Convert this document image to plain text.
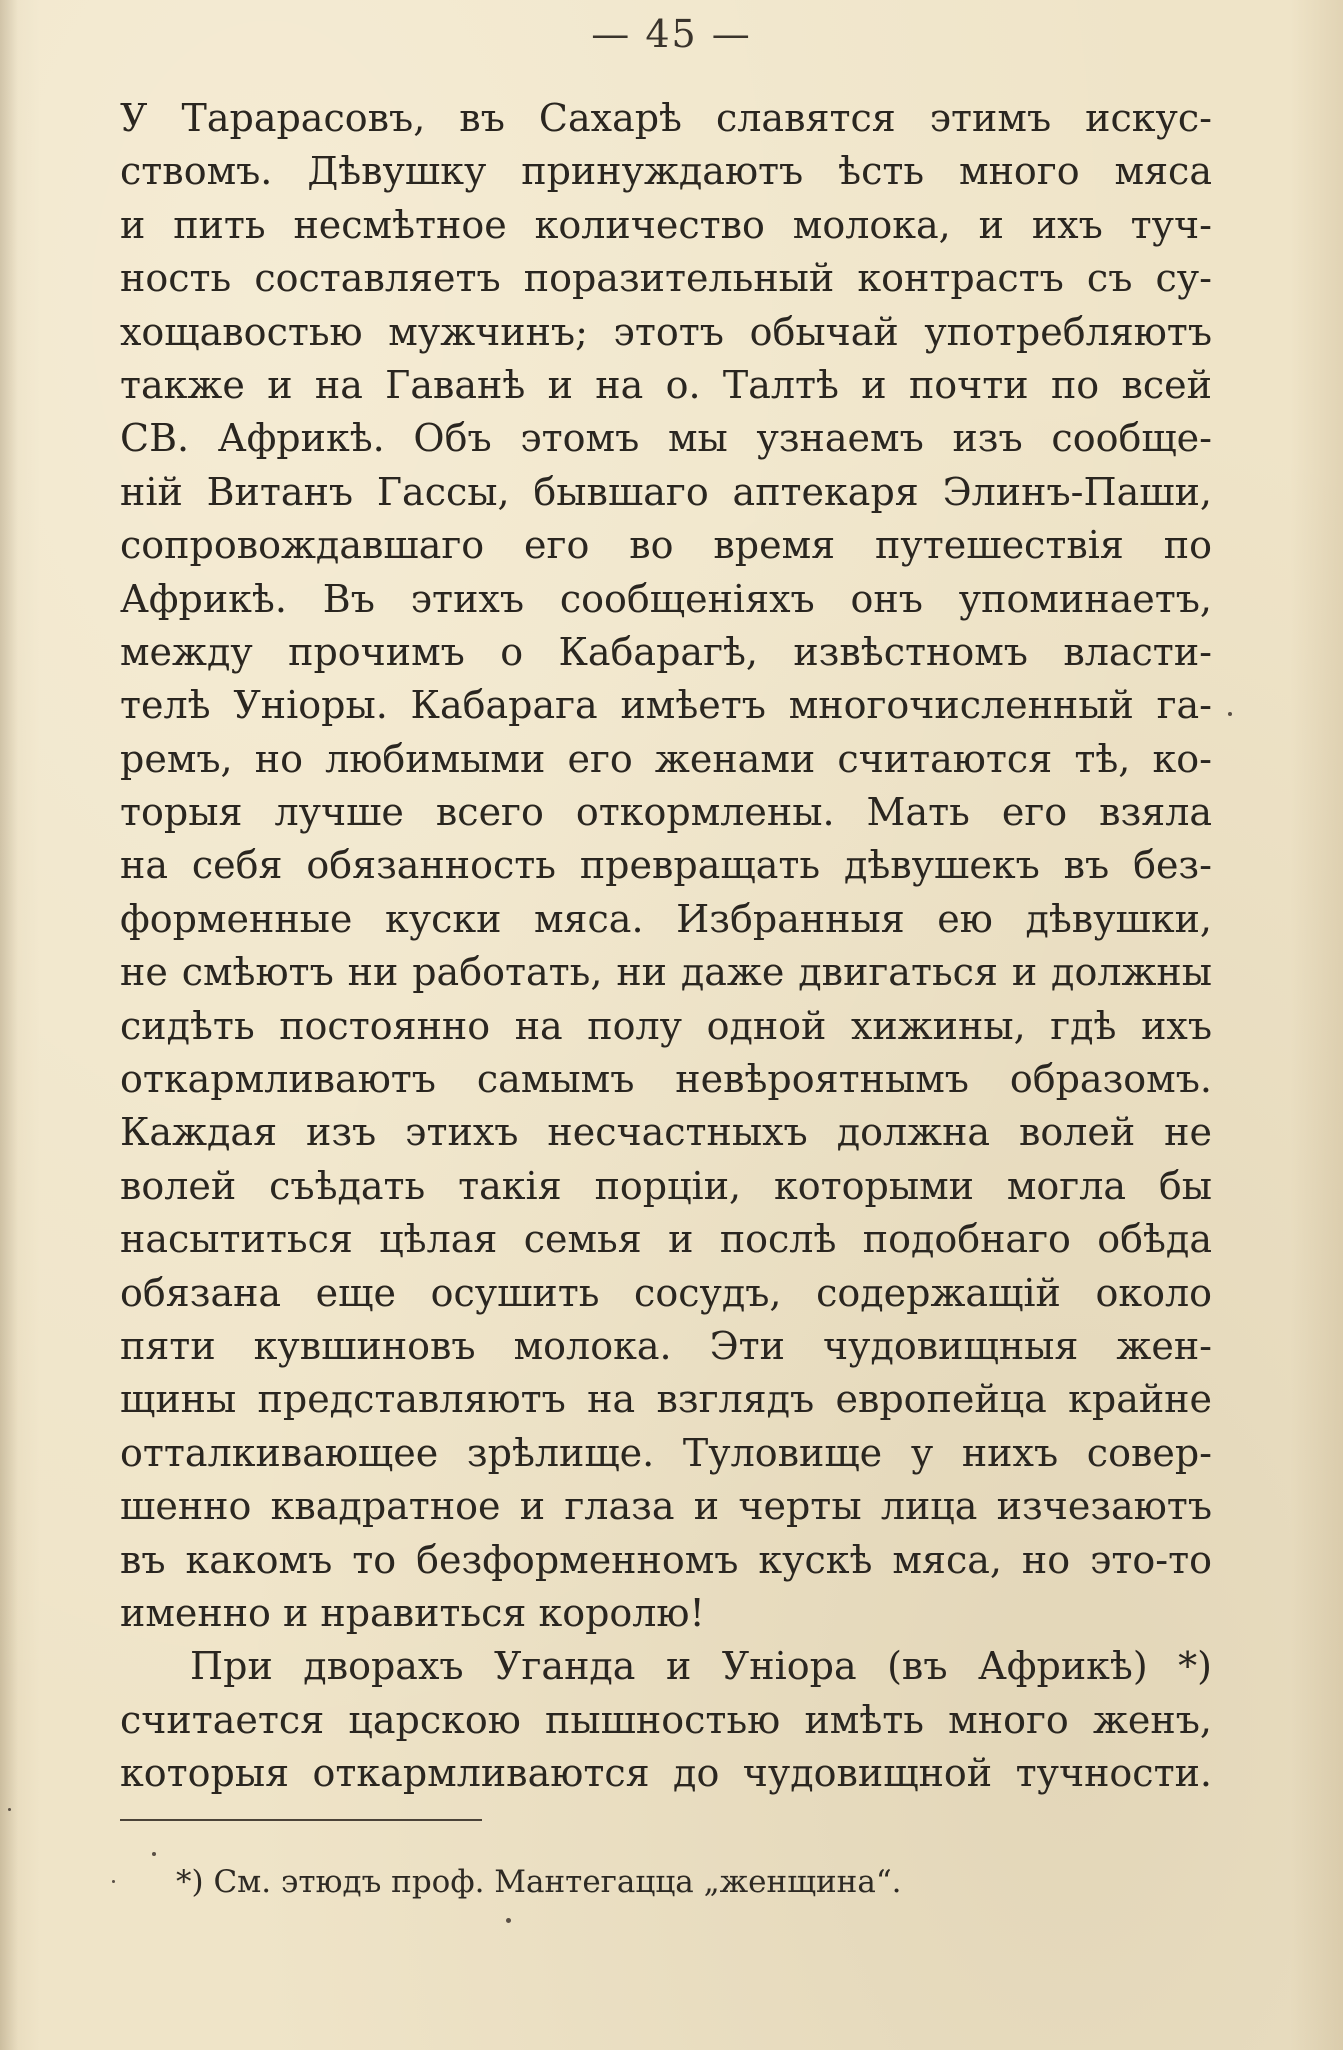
— 45 —
У Тарарасовъ, въ Сахарѣ славятся этимъ искус-
ствомъ. Дѣвушку принуждаютъ ѣсть много мяса
и пить несмѣтное количество молока, и ихъ туч-
ность составляетъ поразительный контрастъ съ су-
хощавостью мужчинъ; этотъ обычай употребляютъ
также и на Гаванѣ и на о. Талтѣ и почти по всей
СВ. Африкѣ. Объ этомъ мы узнаемъ изъ сообще-
ній Витанъ Гассы, бывшаго аптекаря Элинъ-Паши,
сопровождавшаго его во время путешествія по
Африкѣ. Въ этихъ сообщеніяхъ онъ упоминаетъ,
между прочимъ о Кабарагѣ, извѣстномъ власти-
телѣ Уніоры. Кабарага имѣетъ многочисленный га-
ремъ, но любимыми его женами считаются тѣ, ко-
торыя лучше всего откормлены. Мать его взяла
на себя обязанность превращать дѣвушекъ въ без-
форменные куски мяса. Избранныя ею дѣвушки,
не смѣютъ ни работать, ни даже двигаться и должны
сидѣть постоянно на полу одной хижины, гдѣ ихъ
откармливаютъ самымъ невѣроятнымъ образомъ.
Каждая изъ этихъ несчастныхъ должна волей не
волей съѣдать такія порціи, которыми могла бы
насытиться цѣлая семья и послѣ подобнаго обѣда
обязана еще осушить сосудъ, содержащій около
пяти кувшиновъ молока. Эти чудовищныя жен-
щины представляютъ на взглядъ европейца крайне
отталкивающее зрѣлище. Туловище у нихъ совер-
шенно квадратное и глаза и черты лица изчезаютъ
въ какомъ то безформенномъ кускѣ мяса, но это-то
именно и нравиться королю!
При дворахъ Уганда и Уніора (въ Африкѣ) *)
считается царскою пышностью имѣть много женъ,
которыя откармливаются до чудовищной тучности.
*) См. этюдъ проф. Мантегацца „женщина“.
